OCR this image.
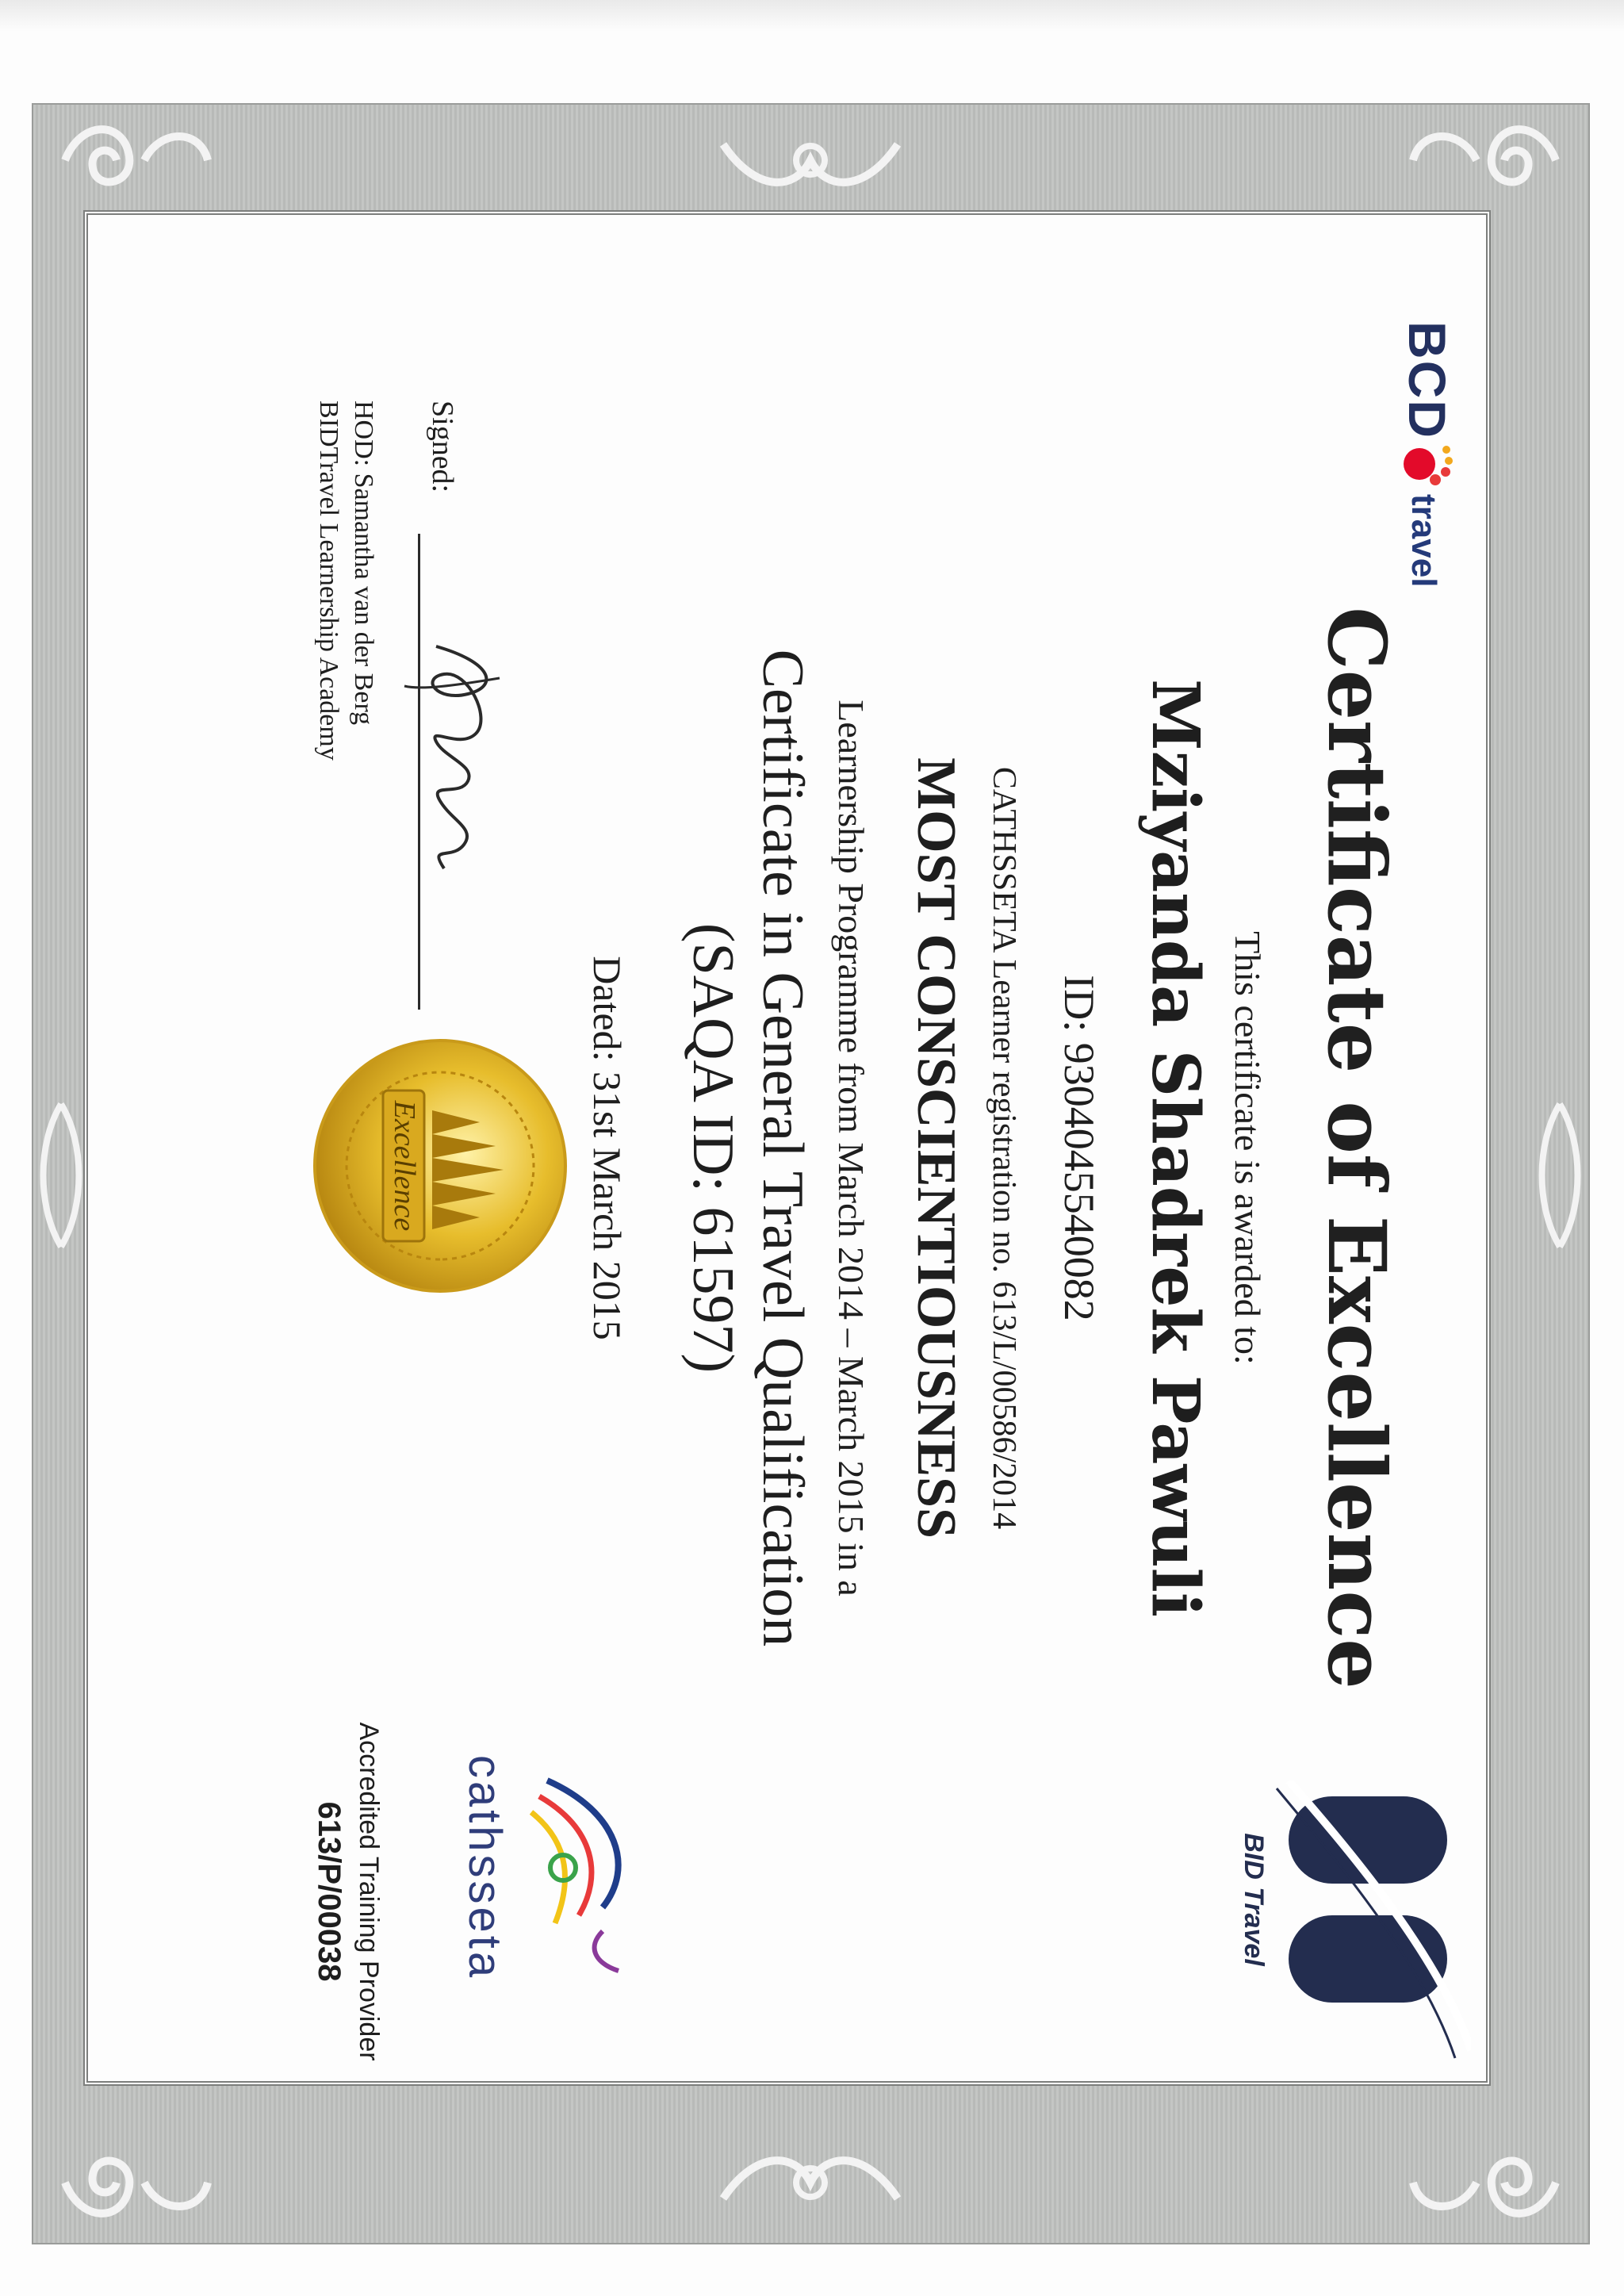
BCD
travel
Certificate of Excellence
This certificate is awarded to:
Mziyanda Shadrek Pawuli
ID: 9304045540082
CATHSSETA Learner registration no. 613/L/00586/2014
MOST CONSCIENTIOUSNESS
Learnership Programme from March 2014 – March 2015 in a
Certificate in General Travel Qualification
(SAQA ID: 61597)
Dated: 31st March 2015
Signed:
HOD: Samantha van der Berg
BIDTravel Learnership Academy
Excellence
BID Travel
cathsseta
Accredited Training Provider
613/P/00038
